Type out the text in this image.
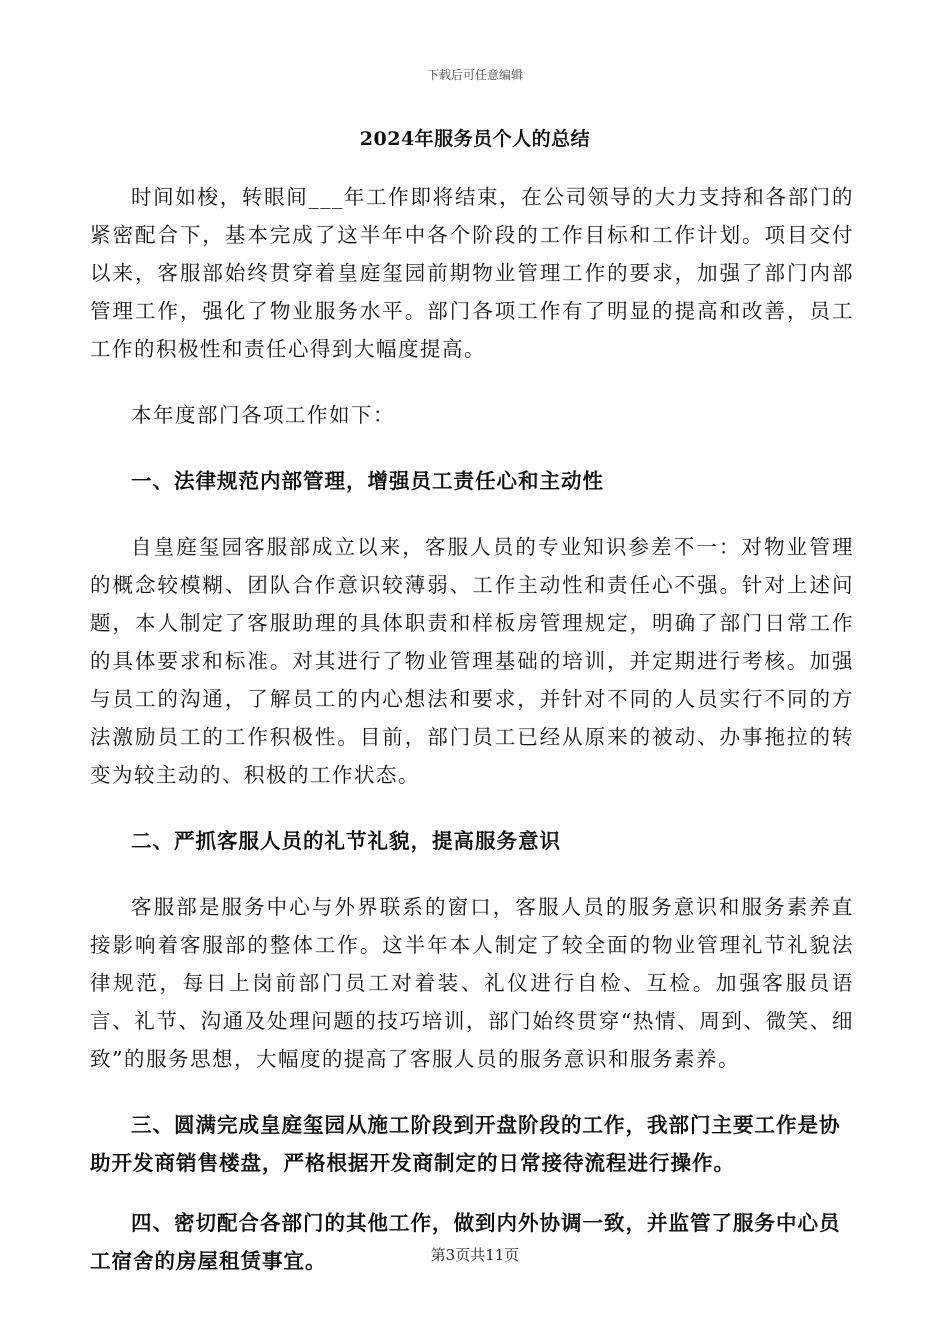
下载后可任意编辑
2024年服务员个人的总结

时间如梭，转眼间___年工作即将结束，在公司领导的大力支持和各部门的紧密配合下，基本完成了这半年中各个阶段的工作目标和工作计划。项目交付以来，客服部始终贯穿着皇庭玺园前期物业管理工作的要求，加强了部门内部管理工作，强化了物业服务水平。部门各项工作有了明显的提高和改善，员工工作的积极性和责任心得到大幅度提高。

本年度部门各项工作如下：

一、法律规范内部管理，增强员工责任心和主动性

自皇庭玺园客服部成立以来，客服人员的专业知识参差不一：对物业管理的概念较模糊、团队合作意识较薄弱、工作主动性和责任心不强。针对上述问题，本人制定了客服助理的具体职责和样板房管理规定，明确了部门日常工作的具体要求和标准。对其进行了物业管理基础的培训，并定期进行考核。加强与员工的沟通，了解员工的内心想法和要求，并针对不同的人员实行不同的方法激励员工的工作积极性。目前，部门员工已经从原来的被动、办事拖拉的转变为较主动的、积极的工作状态。

二、严抓客服人员的礼节礼貌，提高服务意识

客服部是服务中心与外界联系的窗口，客服人员的服务意识和服务素养直接影响着客服部的整体工作。这半年本人制定了较全面的物业管理礼节礼貌法律规范，每日上岗前部门员工对着装、礼仪进行自检、互检。加强客服员语言、礼节、沟通及处理问题的技巧培训，部门始终贯穿“热情、周到、微笑、细致”的服务思想，大幅度的提高了客服人员的服务意识和服务素养。

三、圆满完成皇庭玺园从施工阶段到开盘阶段的工作，我部门主要工作是协助开发商销售楼盘，严格根据开发商制定的日常接待流程进行操作。

四、密切配合各部门的其他工作，做到内外协调一致，并监管了服务中心员工宿舍的房屋租赁事宜。	第3页共11页
